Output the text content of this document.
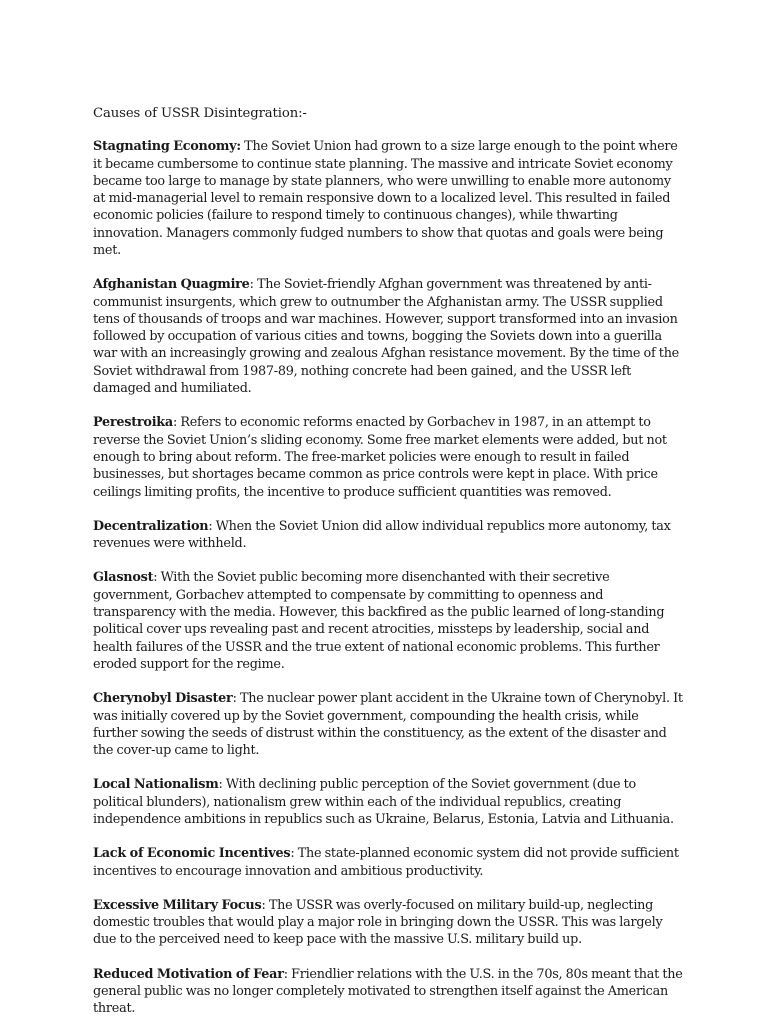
Causes of USSR Disintegration:-

Stagnating Economy: The Soviet Union had grown to a size large enough to the point where it became cumbersome to continue state planning. The massive and intricate Soviet economy became too large to manage by state planners, who were unwilling to enable more autonomy at mid-managerial level to remain responsive down to a localized level. This resulted in failed economic policies (failure to respond timely to continuous changes), while thwarting innovation. Managers commonly fudged numbers to show that quotas and goals were being met.

Afghanistan Quagmire: The Soviet-friendly Afghan government was threatened by anti-communist insurgents, which grew to outnumber the Afghanistan army. The USSR supplied tens of thousands of troops and war machines. However, support transformed into an invasion followed by occupation of various cities and towns, bogging the Soviets down into a guerilla war with an increasingly growing and zealous Afghan resistance movement. By the time of the Soviet withdrawal from 1987-89, nothing concrete had been gained, and the USSR left damaged and humiliated.

Perestroika: Refers to economic reforms enacted by Gorbachev in 1987, in an attempt to reverse the Soviet Union’s sliding economy. Some free market elements were added, but not enough to bring about reform. The free-market policies were enough to result in failed businesses, but shortages became common as price controls were kept in place. With price ceilings limiting profits, the incentive to produce sufficient quantities was removed.

Decentralization: When the Soviet Union did allow individual republics more autonomy, tax revenues were withheld.

Glasnost: With the Soviet public becoming more disenchanted with their secretive government, Gorbachev attempted to compensate by committing to openness and transparency with the media. However, this backfired as the public learned of long-standing political cover ups revealing past and recent atrocities, missteps by leadership, social and health failures of the USSR and the true extent of national economic problems. This further eroded support for the regime.

Cherynobyl Disaster: The nuclear power plant accident in the Ukraine town of Cherynobyl. It was initially covered up by the Soviet government, compounding the health crisis, while further sowing the seeds of distrust within the constituency, as the extent of the disaster and the cover-up came to light.

Local Nationalism: With declining public perception of the Soviet government (due to political blunders), nationalism grew within each of the individual republics, creating independence ambitions in republics such as Ukraine, Belarus, Estonia, Latvia and Lithuania.

Lack of Economic Incentives: The state-planned economic system did not provide sufficient incentives to encourage innovation and ambitious productivity.

Excessive Military Focus: The USSR was overly-focused on military build-up, neglecting domestic troubles that would play a major role in bringing down the USSR. This was largely due to the perceived need to keep pace with the massive U.S. military build up.

Reduced Motivation of Fear: Friendlier relations with the U.S. in the 70s, 80s meant that the general public was no longer completely motivated to strengthen itself against the American threat.
